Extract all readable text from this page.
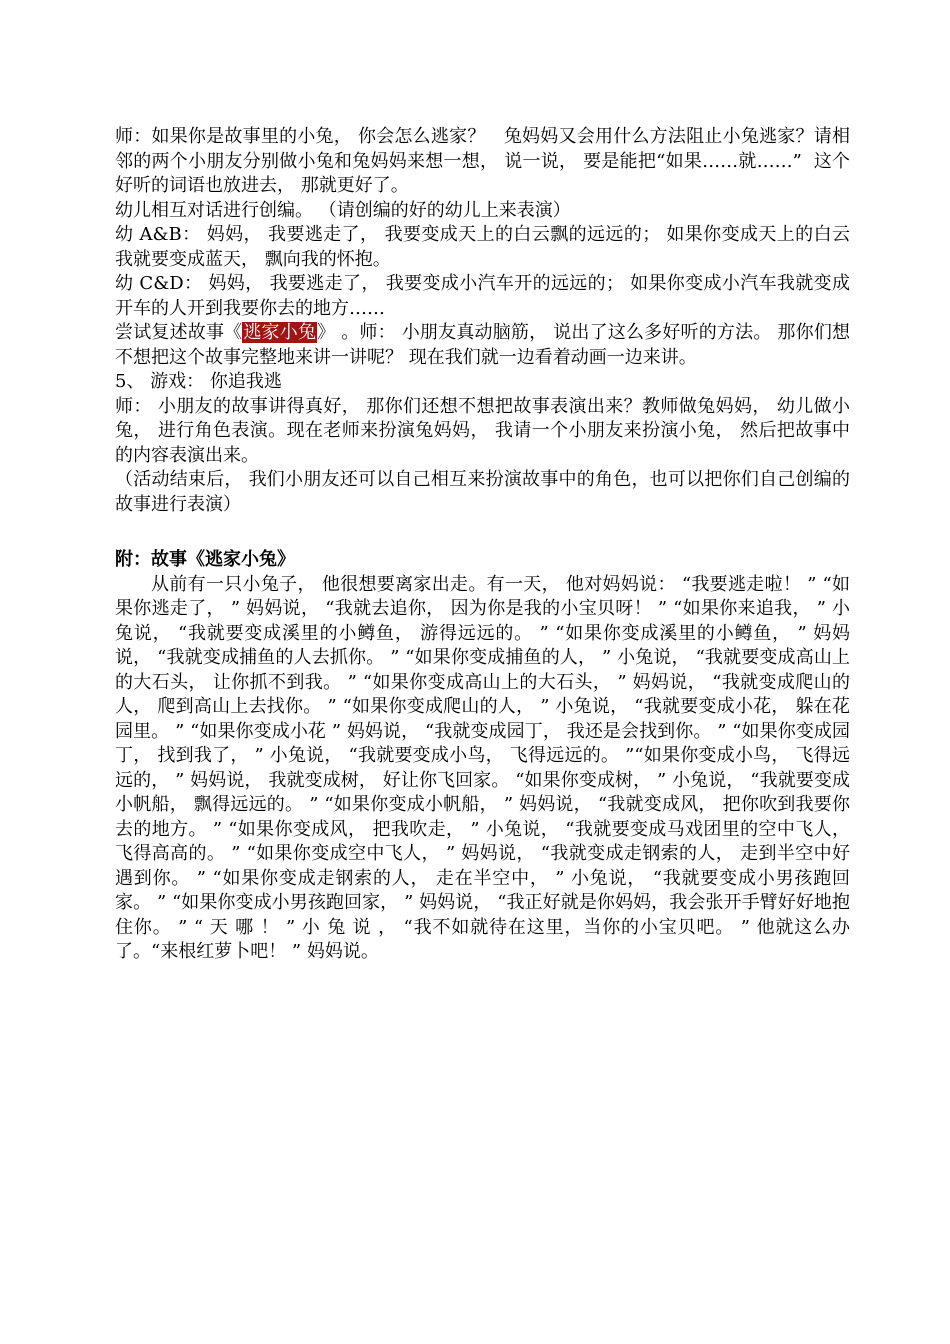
师：如果你是故事里的小兔， 你会怎么逃家？　兔妈妈又会用什么方法阻止小兔逃家？请相邻的两个小朋友分别做小兔和兔妈妈来想一想， 说一说， 要是能把“如果……就……”  这个好听的词语也放进去， 那就更好了。

幼儿相互对话进行创编。 （请创编的好的幼儿上来表演）

幼 A&B： 妈妈， 我要逃走了， 我要变成天上的白云飘的远远的； 如果你变成天上的白云我就要变成蓝天， 飘向我的怀抱。

幼 C&D： 妈妈， 我要逃走了， 我要变成小汽车开的远远的； 如果你变成小汽车我就变成开车的人开到我要你去的地方……

尝试复述故事《逃家小兔》 。师： 小朋友真动脑筋， 说出了这么多好听的方法。 那你们想不想把这个故事完整地来讲一讲呢？ 现在我们就一边看着动画一边来讲。

5、 游戏： 你追我逃

师： 小朋友的故事讲得真好， 那你们还想不想把故事表演出来？教师做兔妈妈， 幼儿做小兔， 进行角色表演。现在老师来扮演兔妈妈， 我请一个小朋友来扮演小兔， 然后把故事中的内容表演出来。

（活动结束后， 我们小朋友还可以自己相互来扮演故事中的角色，也可以把你们自己创编的故事进行表演）

附：故事《逃家小兔》

从前有一只小兔子， 他很想要离家出走。有一天， 他对妈妈说： “我要逃走啦！ ” “如果你逃走了， ” 妈妈说， “我就去追你， 因为你是我的小宝贝呀！ ” “如果你来追我， ” 小兔说， “我就要变成溪里的小鳟鱼， 游得远远的。 ” “如果你变成溪里的小鳟鱼， ” 妈妈说， “我就变成捕鱼的人去抓你。 ” “如果你变成捕鱼的人， ” 小兔说， “我就要变成高山上的大石头， 让你抓不到我。 ” “如果你变成高山上的大石头， ” 妈妈说， “我就变成爬山的人， 爬到高山上去找你。 ” “如果你变成爬山的人， ” 小兔说， “我就要变成小花， 躲在花园里。 ” “如果你变成小花 ” 妈妈说， “我就变成园丁， 我还是会找到你。 ” “如果你变成园丁， 找到我了， ” 小兔说， “我就要变成小鸟， 飞得远远的。 ”“如果你变成小鸟， 飞得远远的， ” 妈妈说， 我就变成树， 好让你飞回家。 “如果你变成树， ” 小兔说， “我就要变成小帆船， 飘得远远的。 ” “如果你变成小帆船， ” 妈妈说， “我就变成风， 把你吹到我要你去的地方。 ” “如果你变成风， 把我吹走， ” 小兔说， “我就要变成马戏团里的空中飞人， 飞得高高的。 ” “如果你变成空中飞人， ” 妈妈说， “我就变成走钢索的人， 走到半空中好遇到你。 ” “如果你变成走钢索的人， 走在半空中， ” 小兔说， “我就要变成小男孩跑回家。 ” “如果你变成小男孩跑回家， ” 妈妈说， “我正好就是你妈妈，我会张开手臂好好地抱住你。 ” “ 天 哪 ！ ” 小 兔 说 ， “我不如就待在这里，当你的小宝贝吧。 ” 他就这么办了。“来根红萝卜吧！ ” 妈妈说。
